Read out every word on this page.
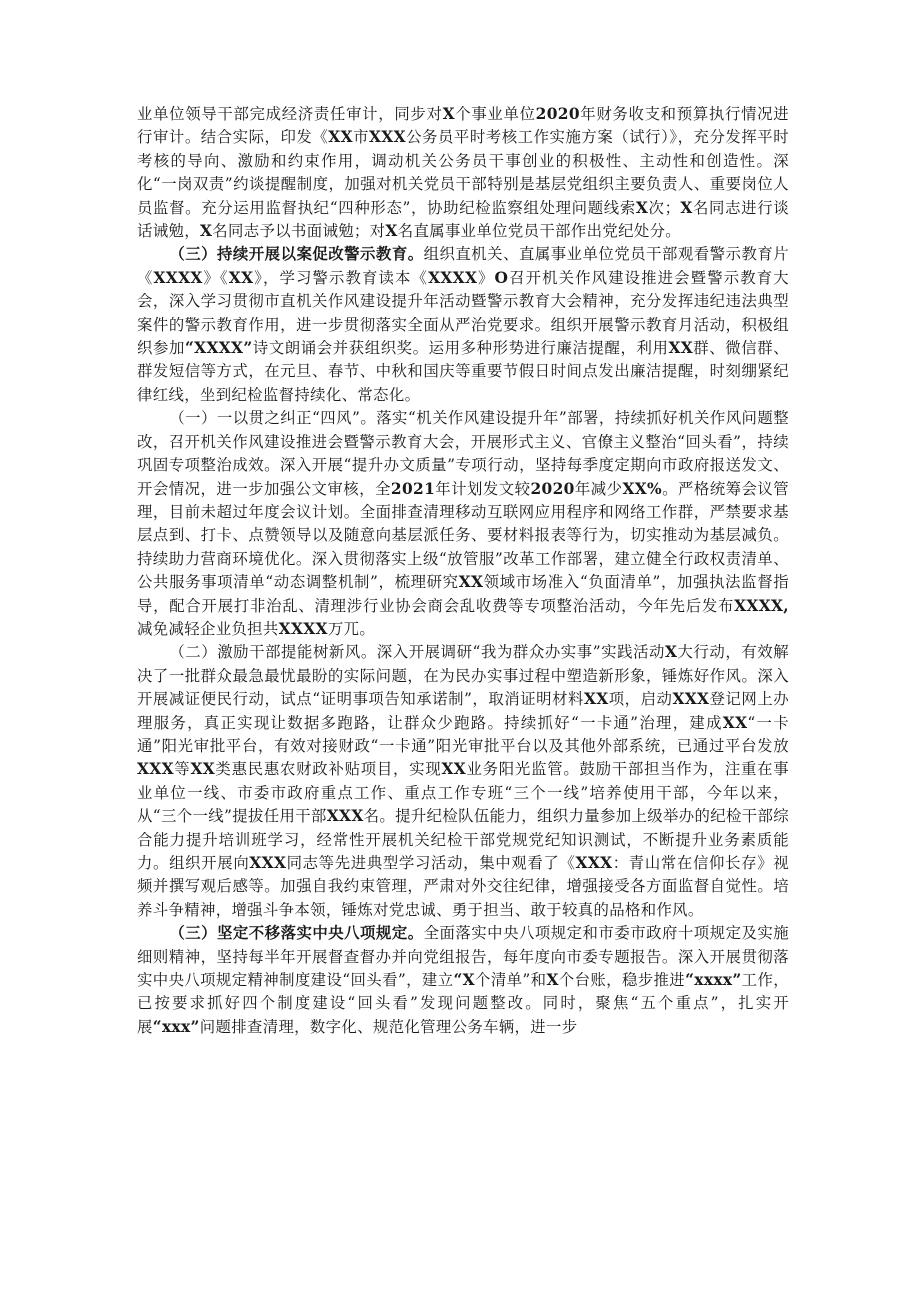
业单位领导干部完成经济责任审计，同步对X个事业单位2020年财务收支和预算执行情况进行审计。结合实际，印发《XX市XXX公务员平时考核工作实施方案（试行）》，充分发挥平时考核的导向、激励和约束作用，调动机关公务员干事创业的积极性、主动性和创造性。深化“一岗双责”约谈提醒制度，加强对机关党员干部特别是基层党组织主要负责人、重要岗位人员监督。充分运用监督执纪“四种形态”，协助纪检监察组处理问题线索X次；X名同志进行谈话诫勉，X名同志予以书面诫勉；对X名直属事业单位党员干部作出党纪处分。

（三）持续开展以案促改警示教育。组织直机关、直属事业单位党员干部观看警示教育片《XXXX》《XX》，学习警示教育读本《XXXX》O召开机关作风建设推进会暨警示教育大会，深入学习贯彻市直机关作风建设提升年活动暨警示教育大会精神，充分发挥违纪违法典型案件的警示教育作用，进一步贯彻落实全面从严治党要求。组织开展警示教育月活动，积极组织参加“XXXX”诗文朗诵会并获组织奖。运用多种形势进行廉洁提醒，利用XX群、微信群、群发短信等方式，在元旦、春节、中秋和国庆等重要节假日时间点发出廉洁提醒，时刻绷紧纪律红线，坐到纪检监督持续化、常态化。

（一）一以贯之纠正“四风”。落实“机关作风建设提升年”部署，持续抓好机关作风问题整改，召开机关作风建设推进会暨警示教育大会，开展形式主义、官僚主义整治“回头看”，持续巩固专项整治成效。深入开展“提升办文质量”专项行动，坚持每季度定期向市政府报送发文、开会情况，进一步加强公文审核，全2021年计划发文较2020年减少XX%。严格统筹会议管理，目前未超过年度会议计划。全面排查清理移动互联网应用程序和网络工作群，严禁要求基层点到、打卡、点赞领导以及随意向基层派任务、要材料报表等行为，切实推动为基层减负。持续助力营商环境优化。深入贯彻落实上级“放管服”改革工作部署，建立健全行政权责清单、公共服务事项清单“动态调整机制”，梳理研究XX领域市场准入“负面清单”，加强执法监督指导，配合开展打非治乱、清理涉行业协会商会乱收费等专项整治活动，今年先后发布XXXX,减免减轻企业负担共XXXX万兀。

（二）激励干部提能树新风。深入开展调研“我为群众办实事”实践活动X大行动，有效解决了一批群众最急最忧最盼的实际问题，在为民办实事过程中塑造新形象，锤炼好作风。深入开展减证便民行动，试点“证明事项告知承诺制”，取消证明材料XX项，启动XXX登记网上办理服务，真正实现让数据多跑路，让群众少跑路。持续抓好“一卡通”治理，建成XX“一卡通”阳光审批平台，有效对接财政“一卡通”阳光审批平台以及其他外部系统，已通过平台发放XXX等XX类惠民惠农财政补贴项目，实现XX业务阳光监管。鼓励干部担当作为，注重在事业单位一线、市委市政府重点工作、重点工作专班“三个一线”培养使用干部，今年以来，从“三个一线”提拔任用干部XXX名。提升纪检队伍能力，组织力量参加上级举办的纪检干部综合能力提升培训班学习，经常性开展机关纪检干部党规党纪知识测试，不断提升业务素质能力。组织开展向XXX同志等先进典型学习活动，集中观看了《XXX：青山常在信仰长存》视频并撰写观后感等。加强自我约束管理，严肃对外交往纪律，增强接受各方面监督自觉性。培养斗争精神，增强斗争本领，锤炼对党忠诚、勇于担当、敢于较真的品格和作风。

（三）坚定不移落实中央八项规定。全面落实中央八项规定和市委市政府十项规定及实施细则精神，坚持每半年开展督查督办并向党组报告，每年度向市委专题报告。深入开展贯彻落实中央八项规定精神制度建设“回头看”，建立“X个清单”和X个台账，稳步推进“xxxx”工作，已按要求抓好四个制度建设“回头看”发现问题整改。同时，聚焦“五个重点”，扎实开展“xxx”问题排查清理，数字化、规范化管理公务车辆，进一步
